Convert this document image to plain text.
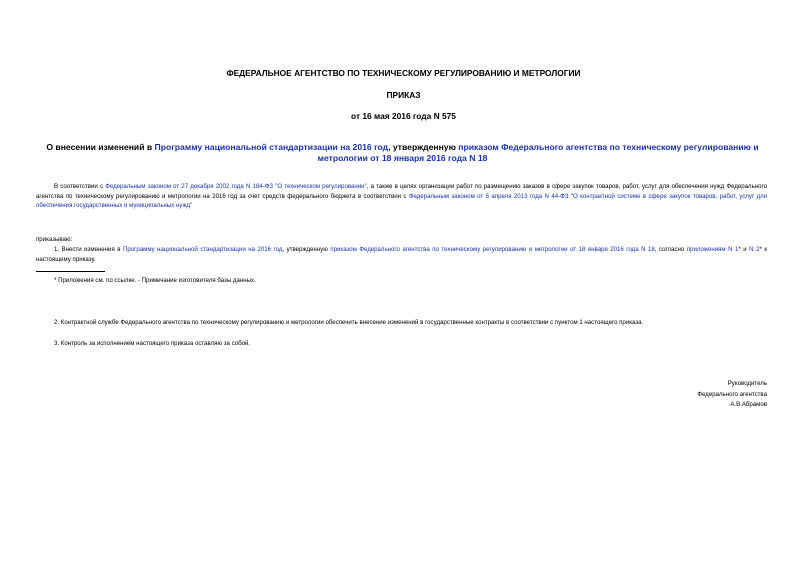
ФЕДЕРАЛЬНОЕ АГЕНТСТВО ПО ТЕХНИЧЕСКОМУ РЕГУЛИРОВАНИЮ И МЕТРОЛОГИИ
ПРИКАЗ
от 16 мая 2016 года N 575
О внесении изменений в Программу национальной стандартизации на 2016 год, утвержденную приказом Федерального агентства по техническому регулированию и метрологии от 18 января 2016 года N 18
В соответствии с Федеральным законом от 27 декабря 2002 года N 184-ФЗ "О техническом регулировании", а также в целях организации работ по размещению заказов в сфере закупок товаров, работ, услуг для обеспечения нужд Федерального агентства по техническому регулированию и метрологии на 2016 год за счет средств федерального бюджета в соответствии с Федеральным законом от 5 апреля 2013 года N 44-ФЗ "О контрактной системе в сфере закупок товаров, работ, услуг для обеспечения государственных и муниципальных нужд"
приказываю:
1. Внести изменения в Программу национальной стандартизации на 2016 год, утвержденную приказом Федерального агентства по техническому регулированию и метрологии от 18 января 2016 года N 18, согласно приложениям N 1* и N 2* к настоящему приказу.
* Приложения см. по ссылке. - Примечание изготовителя базы данных.
2. Контрактной службе Федерального агентства по техническому регулированию и метрологии обеспечить внесение изменений в государственные контракты в соответствии с пунктом 1 настоящего приказа.
3. Контроль за исполнением настоящего приказа оставляю за собой.
Руководитель
Федерального агентства
А.В.Абрамов
